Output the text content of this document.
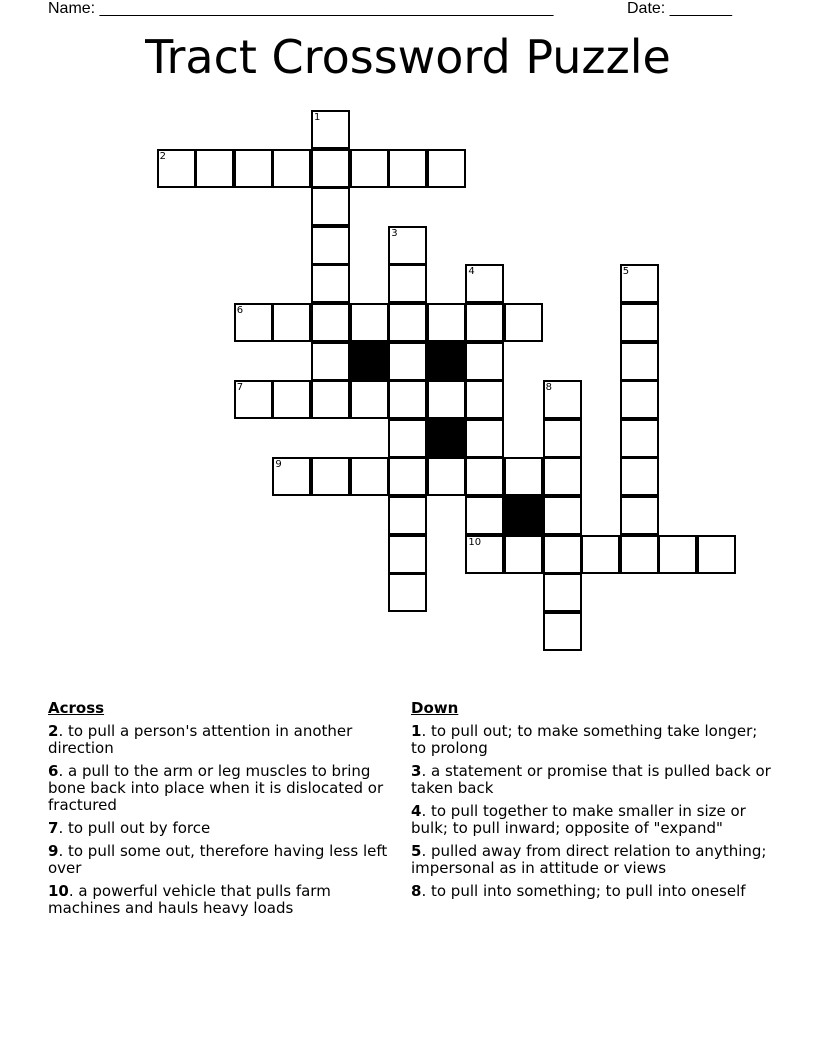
Name: ___________________________________________________	Date: _______
Tract Crossword Puzzle
1
2
3
4	5
6
7	8
9
10
Across
2. to pull a person's attention in another direction
6. a pull to the arm or leg muscles to bring bone back into place when it is dislocated or fractured
7. to pull out by force
9. to pull some out, therefore having less left over
10. a powerful vehicle that pulls farm machines and hauls heavy loads
Down
1. to pull out; to make something take longer; to prolong
3. a statement or promise that is pulled back or taken back
4. to pull together to make smaller in size or bulk; to pull inward; opposite of "expand"
5. pulled away from direct relation to anything; impersonal as in attitude or views
8. to pull into something; to pull into oneself
